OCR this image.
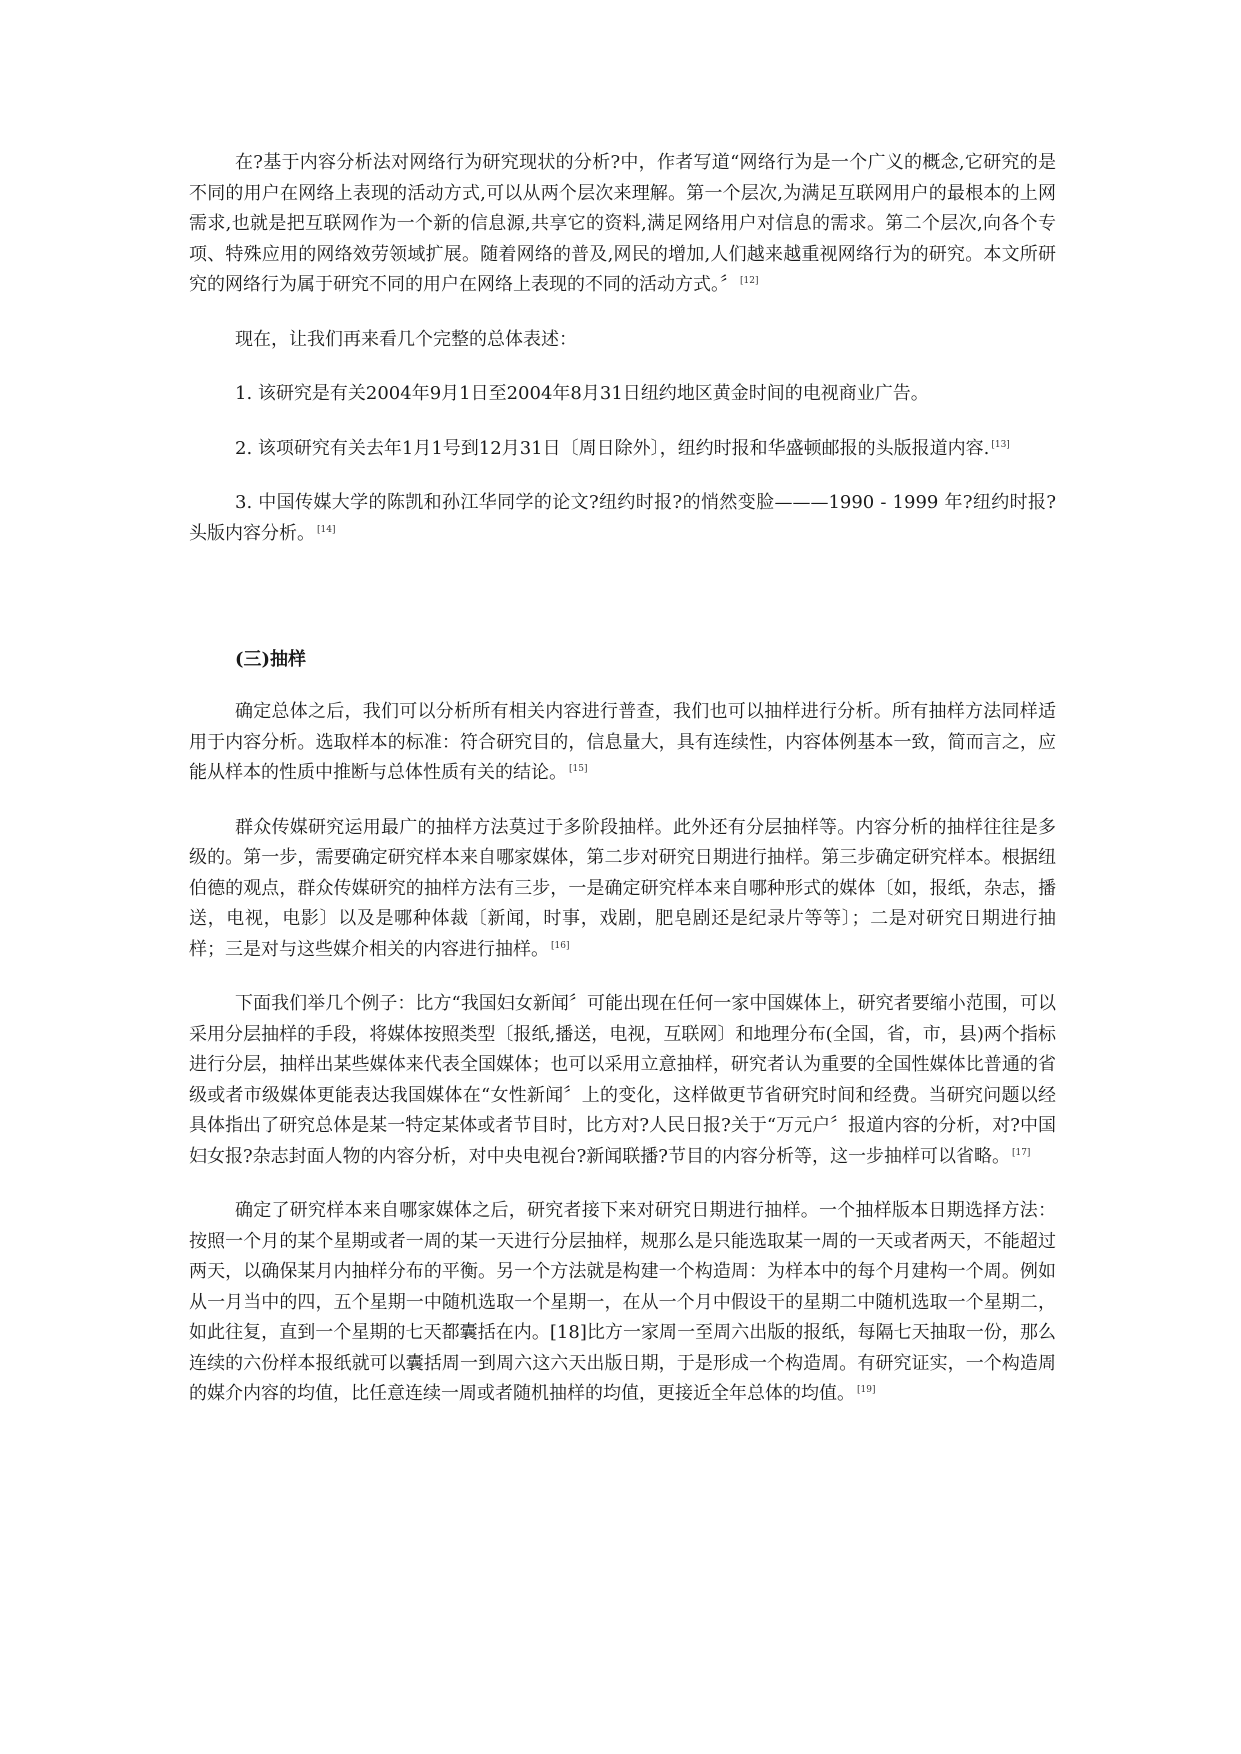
在?基于内容分析法对网络行为研究现状的分析?中，作者写道“网络行为是一个广义的概念,它研究的是不同的用户在网络上表现的活动方式,可以从两个层次来理解。第一个层次,为满足互联网用户的最根本的上网需求,也就是把互联网作为一个新的信息源,共享它的资料,满足网络用户对信息的需求。第二个层次,向各个专项、特殊应用的网络效劳领域扩展。随着网络的普及,网民的增加,人们越来越重视网络行为的研究。本文所研究的网络行为属于研究不同的用户在网络上表现的不同的活动方式。〞 [12]

现在，让我们再来看几个完整的总体表述：

1. 该研究是有关2004年9月1日至2004年8月31日纽约地区黄金时间的电视商业广告。

2. 该项研究有关去年1月1号到12月31日〔周日除外〕，纽约时报和华盛顿邮报的头版报道内容. [13]

3. 中国传媒大学的陈凯和孙江华同学的论文?纽约时报?的悄然变脸———1990 - 1999 年?纽约时报?头版内容分析。 [14]

(三)抽样

确定总体之后，我们可以分析所有相关内容进行普查，我们也可以抽样进行分析。所有抽样方法同样适用于内容分析。选取样本的标准：符合研究目的，信息量大，具有连续性，内容体例基本一致，简而言之，应能从样本的性质中推断与总体性质有关的结论。 [15]

群众传媒研究运用最广的抽样方法莫过于多阶段抽样。此外还有分层抽样等。内容分析的抽样往往是多级的。第一步，需要确定研究样本来自哪家媒体，第二步对研究日期进行抽样。第三步确定研究样本。根据纽伯德的观点，群众传媒研究的抽样方法有三步，一是确定研究样本来自哪种形式的媒体〔如，报纸，杂志，播送，电视，电影〕以及是哪种体裁〔新闻，时事，戏剧，肥皂剧还是纪录片等等〕；二是对研究日期进行抽样；三是对与这些媒介相关的内容进行抽样。 [16]

下面我们举几个例子：比方“我国妇女新闻〞可能出现在任何一家中国媒体上，研究者要缩小范围，可以采用分层抽样的手段，将媒体按照类型〔报纸,播送，电视，互联网〕和地理分布(全国，省，市，县)两个指标进行分层，抽样出某些媒体来代表全国媒体；也可以采用立意抽样，研究者认为重要的全国性媒体比普通的省级或者市级媒体更能表达我国媒体在“女性新闻〞上的变化，这样做更节省研究时间和经费。当研究问题以经具体指出了研究总体是某一特定某体或者节目时，比方对?人民日报?关于“万元户〞报道内容的分析，对?中国妇女报?杂志封面人物的内容分析，对中央电视台?新闻联播?节目的内容分析等，这一步抽样可以省略。 [17]

确定了研究样本来自哪家媒体之后，研究者接下来对研究日期进行抽样。一个抽样版本日期选择方法：按照一个月的某个星期或者一周的某一天进行分层抽样，规那么是只能选取某一周的一天或者两天，不能超过两天，以确保某月内抽样分布的平衡。另一个方法就是构建一个构造周：为样本中的每个月建构一个周。例如从一月当中的四，五个星期一中随机选取一个星期一，在从一个月中假设干的星期二中随机选取一个星期二，如此往复，直到一个星期的七天都囊括在内。[18]比方一家周一至周六出版的报纸，每隔七天抽取一份，那么连续的六份样本报纸就可以囊括周一到周六这六天出版日期，于是形成一个构造周。有研究证实，一个构造周的媒介内容的均值，比任意连续一周或者随机抽样的均值，更接近全年总体的均值。 [19]
